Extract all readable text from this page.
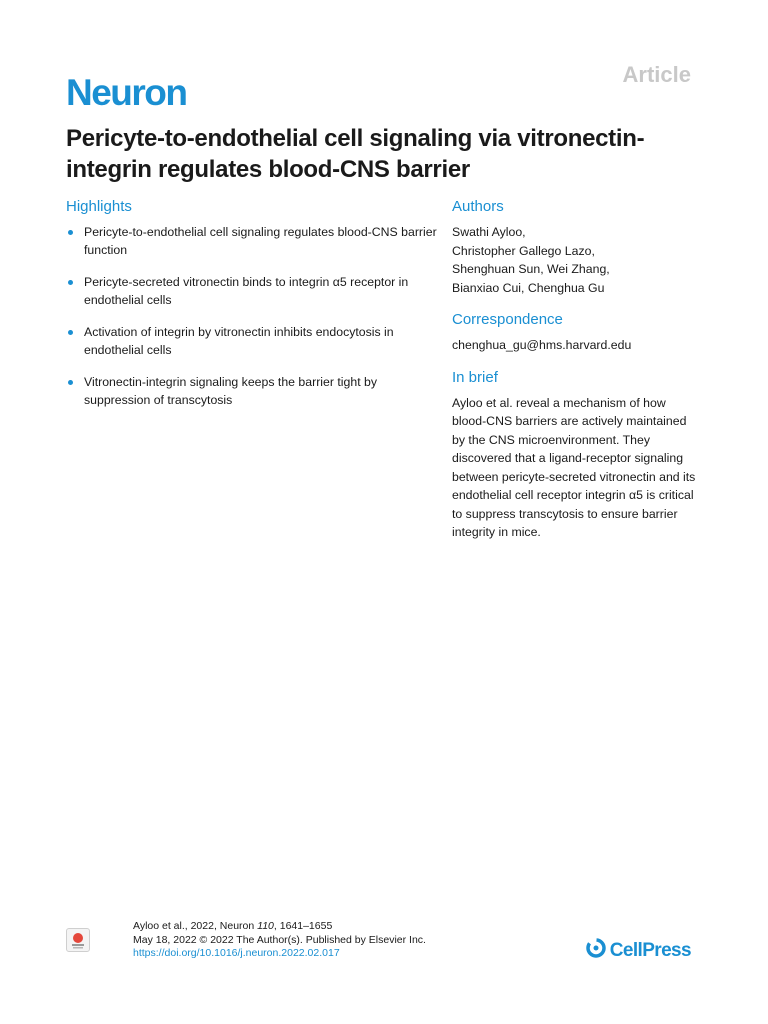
Neuron	Article
Pericyte-to-endothelial cell signaling via vitronectin-integrin regulates blood-CNS barrier
Highlights
Pericyte-to-endothelial cell signaling regulates blood-CNS barrier function
Pericyte-secreted vitronectin binds to integrin α5 receptor in endothelial cells
Activation of integrin by vitronectin inhibits endocytosis in endothelial cells
Vitronectin-integrin signaling keeps the barrier tight by suppression of transcytosis
Authors
Swathi Ayloo,
Christopher Gallego Lazo,
Shenghuan Sun, Wei Zhang,
Bianxiao Cui, Chenghua Gu
Correspondence
chenghua_gu@hms.harvard.edu
In brief
Ayloo et al. reveal a mechanism of how blood-CNS barriers are actively maintained by the CNS microenvironment. They discovered that a ligand-receptor signaling between pericyte-secreted vitronectin and its endothelial cell receptor integrin α5 is critical to suppress transcytosis to ensure barrier integrity in mice.
Ayloo et al., 2022, Neuron 110, 1641–1655
May 18, 2022 © 2022 The Author(s). Published by Elsevier Inc.
https://doi.org/10.1016/j.neuron.2022.02.017	CellPress
